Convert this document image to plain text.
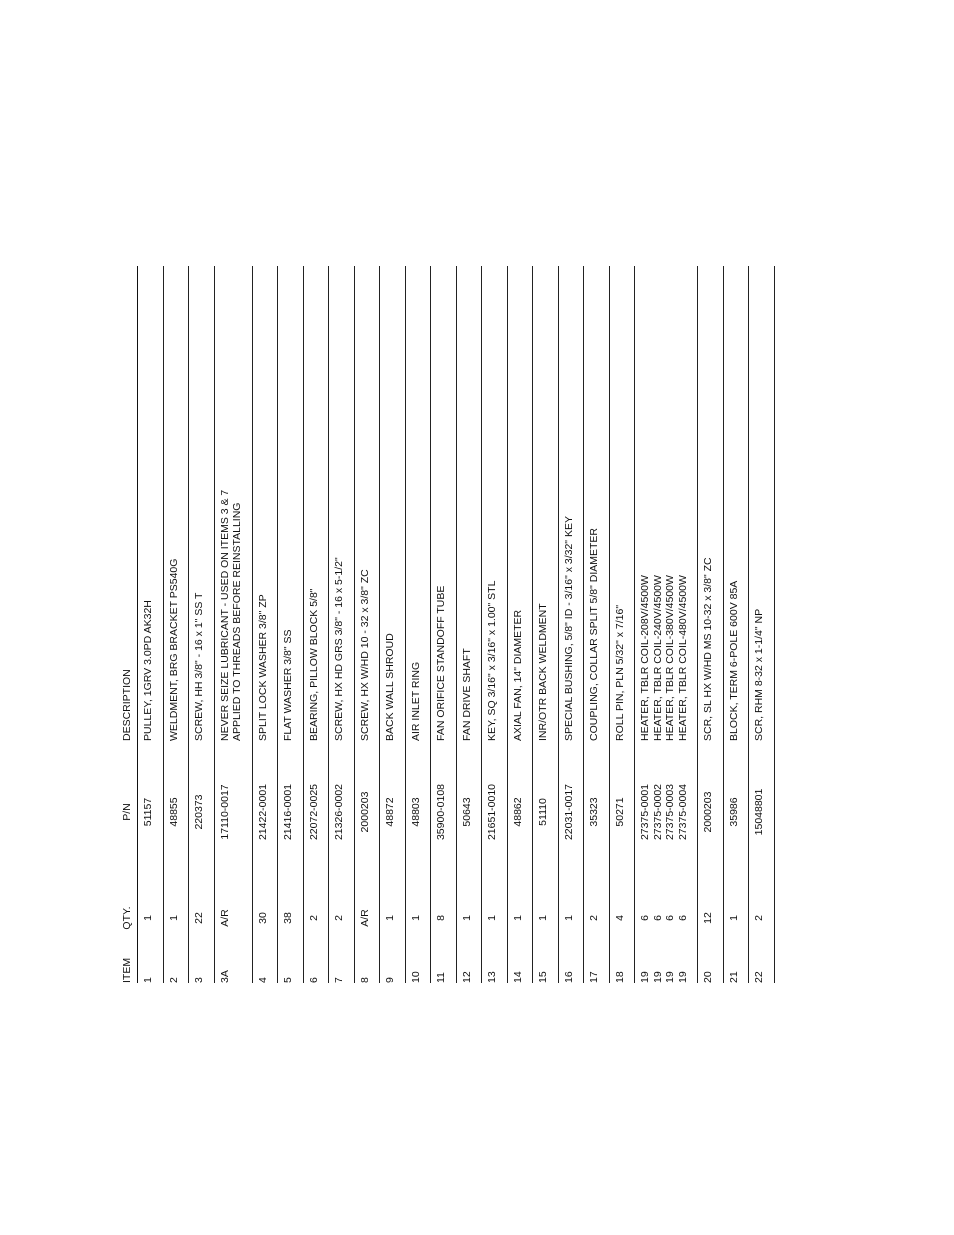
ITEM	QTY.	P/N	DESCRIPTION
1	1	51157	PULLEY, 1GRV 3.0PD AK32H
2	1	48855	WELDMENT, BRG BRACKET PS540G
3	22	220373	SCREW, HH 3/8" - 16 x 1" SS T
3A	A/R	17110-0017	NEVER SEIZE LUBRICANT - USED ON ITEMS 3 & 7 APPLIED TO THREADS BEFORE REINSTALLING

4	30	21422-0001	SPLIT LOCK WASHER 3/8" ZP
5	38	21416-0001	FLAT WASHER 3/8" SS
6	2	22072-0025	BEARING, PILLOW BLOCK 5/8"
7	2	21326-0002	SCREW, HX HD GRS 3/8" - 16 x 5-1/2"
8	A/R	2000203	SCREW, HX W/HD 10 - 32 x 3/8" ZC
9	1	48872	BACK WALL SHROUD
10	1	48803	AIR INLET RING
11	8	35900-0108	FAN ORIFICE STANDOFF TUBE
12	1	50643	FAN DRIVE SHAFT
13	1	21651-0010	KEY, SQ 3/16" x 3/16" x 1.00" STL
14	1	48862	AXIAL FAN, 14" DIAMETER
15	1	51110	INR/OTR BACK WELDMENT
16	1	22031-0017	SPECIAL BUSHING, 5/8" ID - 3/16" x 3/32" KEY
17	2	35323	COUPLING, COLLAR SPLIT 5/8" DIAMETER
18	4	50271	ROLL PIN, PLN 5/32" x 7/16"
19	6	27375-0001	HEATER, TBLR COIL-208V/4500W
19	6	27375-0002	HEATER, TBLR COIL-240V/4500W
19	6	27375-0003	HEATER, TBLR COIL-380V/4500W
19	6	27375-0004	HEATER, TBLR COIL-480V/4500W
20	12	2000203	SCR, SL HX W/HD MS 10-32 x 3/8" ZC
21	1	35986	BLOCK, TERM 6-POLE 600V 85A
22	2	15048801	SCR, RHM 8-32 x 1-1/4" NP
